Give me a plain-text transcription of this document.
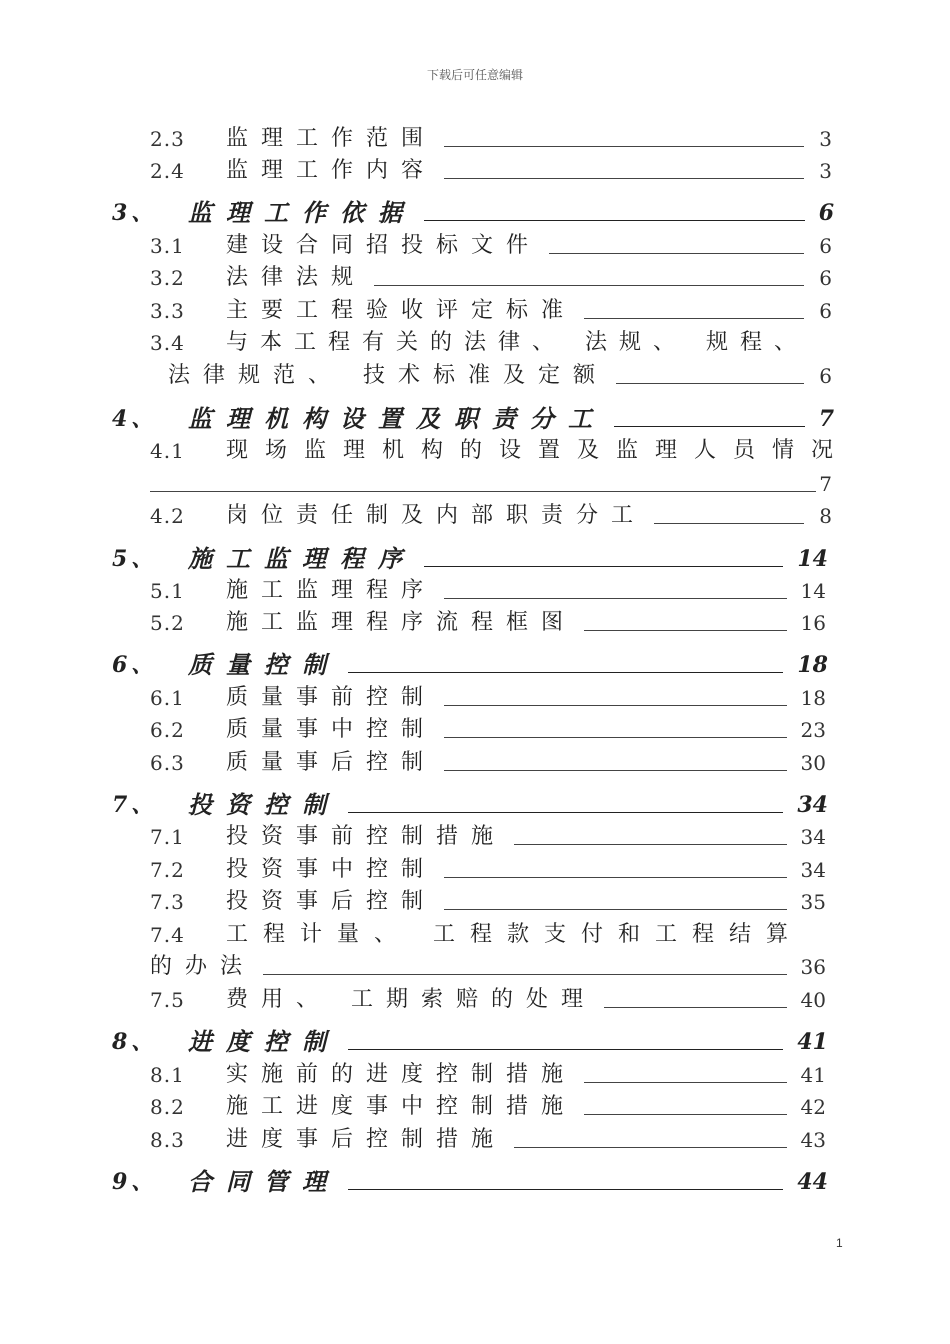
下载后可任意编辑
2.3	监理工作范围	3
2.4	监理工作内容	3
3、	监理工作依据	6
3.1	建设合同招投标文件	6
3.2	法律法规	6
3.3	主要工程验收评定标准	6
3.4	与本工程有关的法律、 法规、 规程、
法律规范、 技术标准及定额	6
4、	监理机构设置及职责分工	7
4.1	现场监理机构的设置及监理人员情况
7
4.2	岗位责任制及内部职责分工	8
5、	施工监理程序	14
5.1	施工监理程序	14
5.2	施工监理程序流程框图	16
6、	质量控制	18
6.1	质量事前控制	18
6.2	质量事中控制	23
6.3	质量事后控制	30
7、	投资控制	34
7.1	投资事前控制措施	34
7.2	投资事中控制	34
7.3	投资事后控制	35
7.4	工程计量、 工程款支付和工程结算
的办法	36
7.5	费用、 工期索赔的处理	40
8、	进度控制	41
8.1	实施前的进度控制措施	41
8.2	施工进度事中控制措施	42
8.3	进度事后控制措施	43
9、	合同管理	44
1
